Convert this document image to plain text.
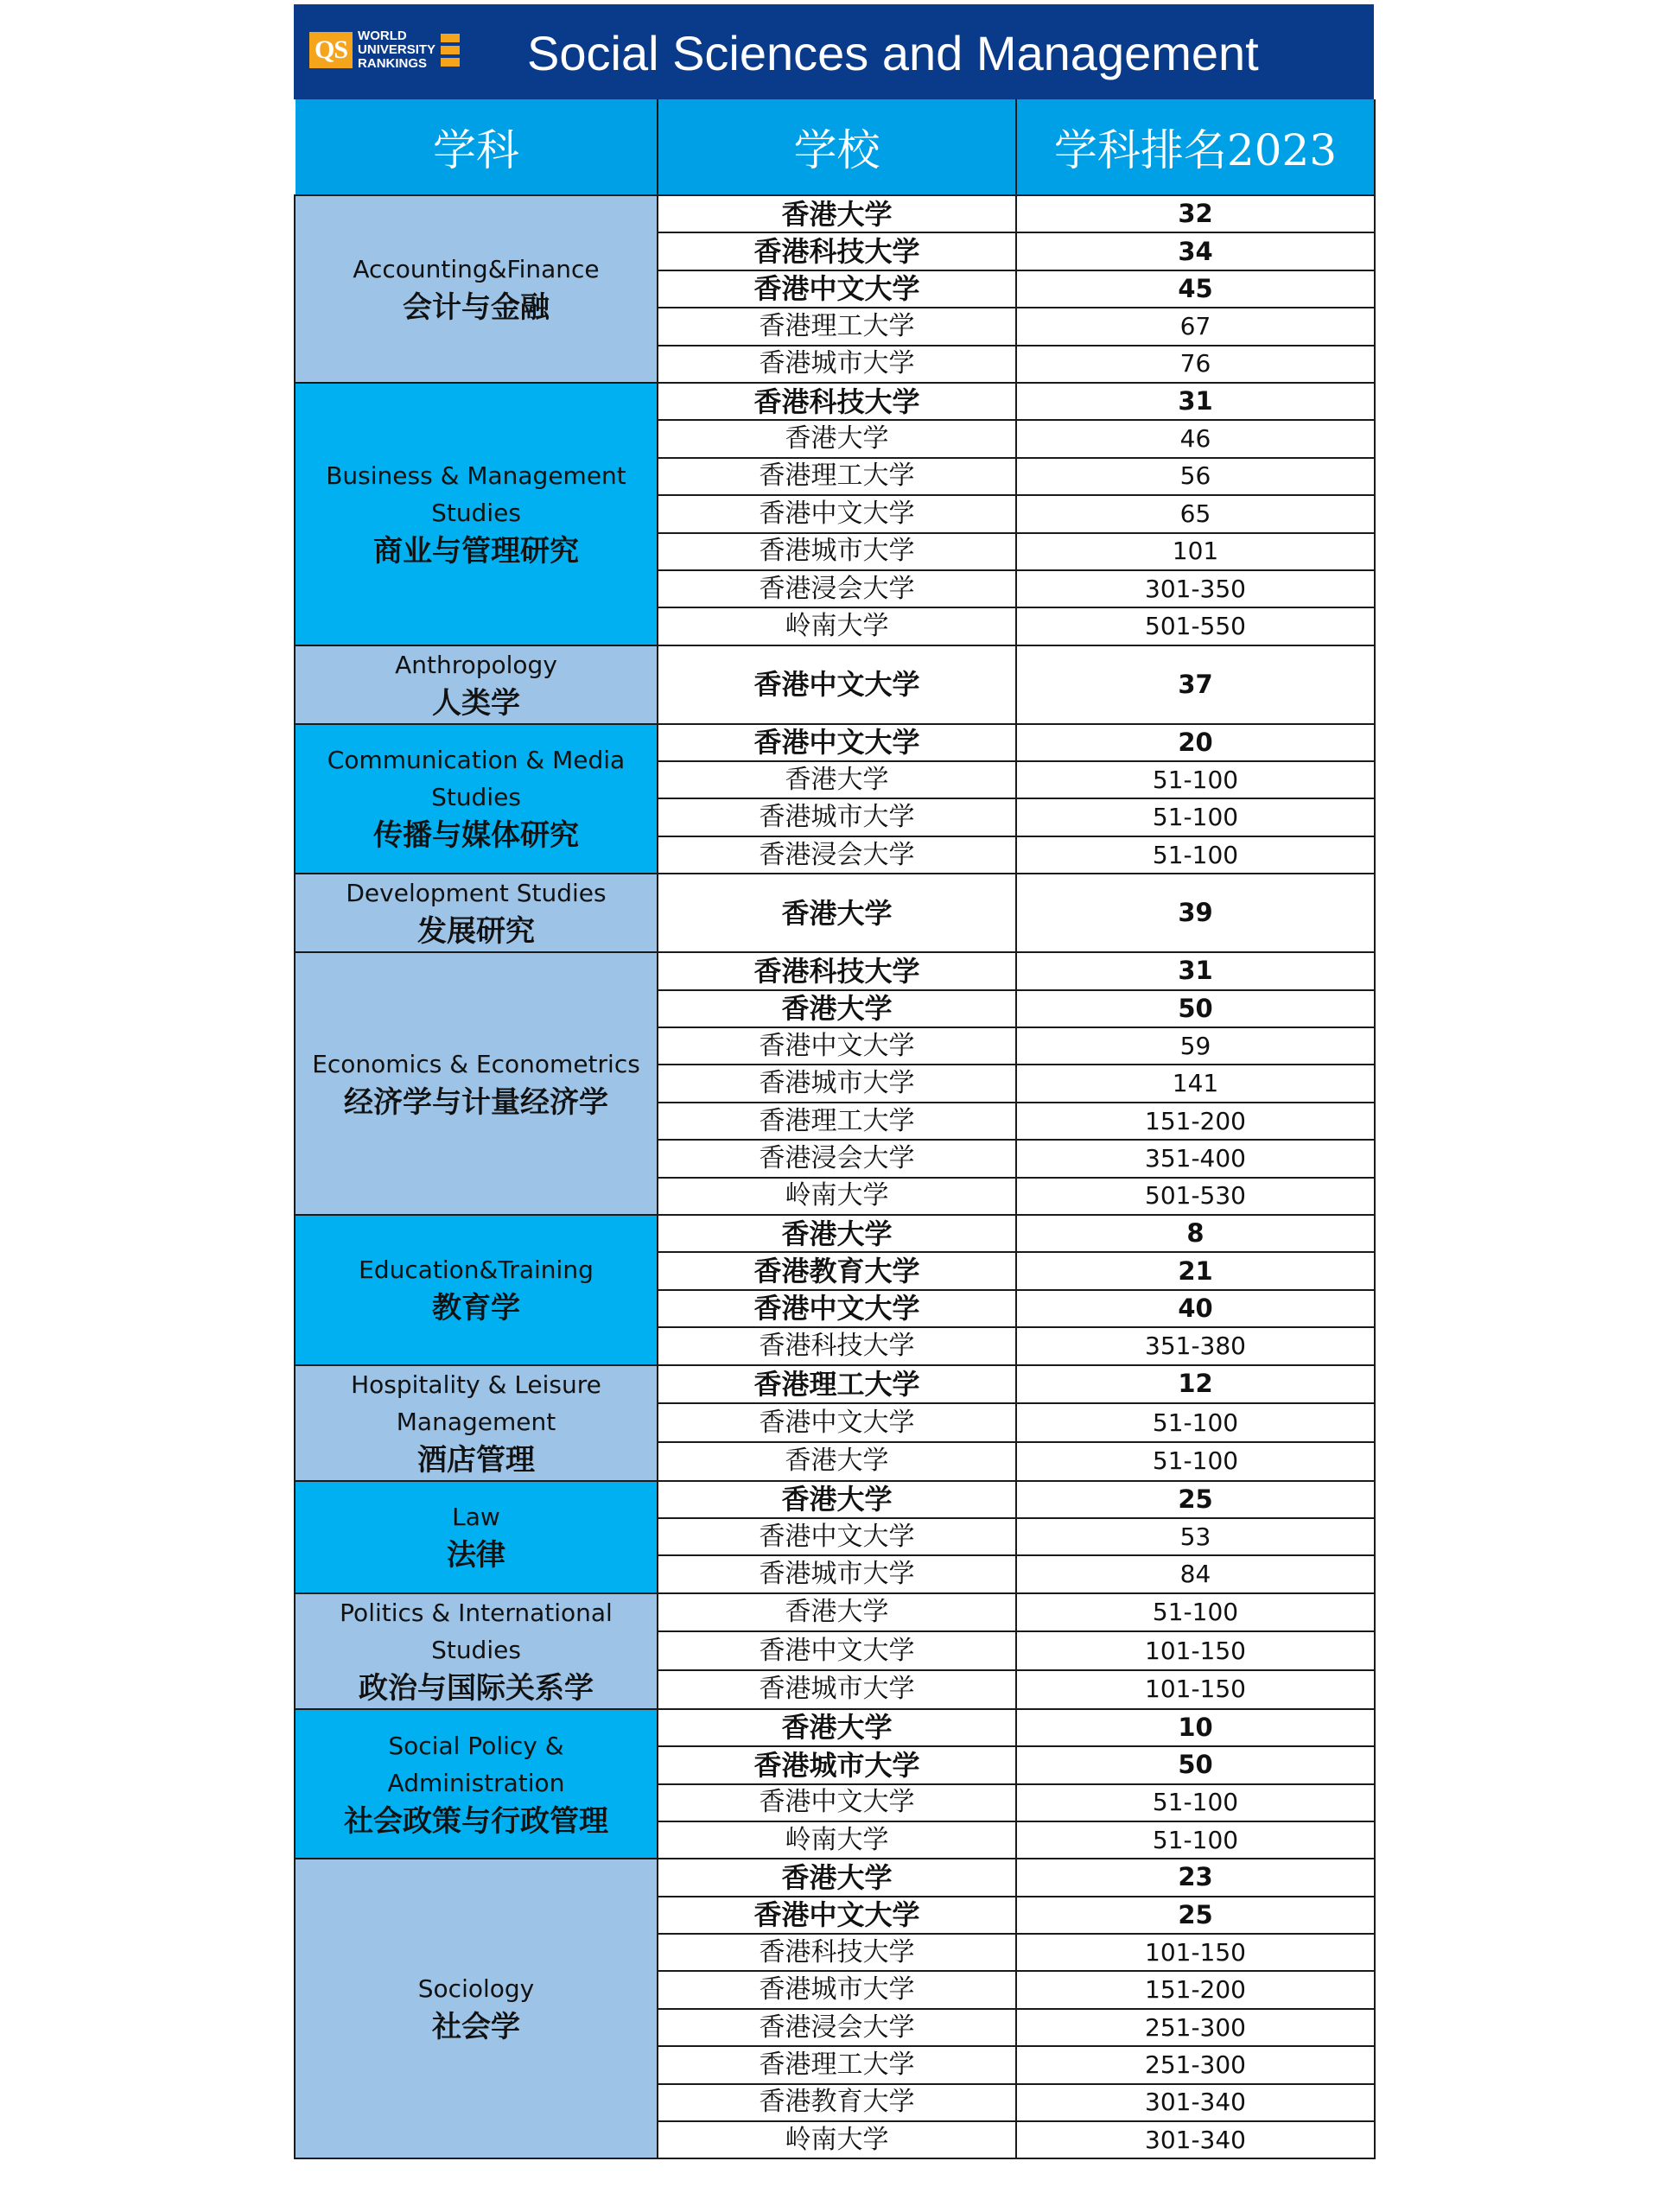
QS WORLD
UNIVERSITY
RANKINGS Social Sciences and Management
学科	学校	学科排名2023

Accounting&Finance
会计与金融	香港大学	32
	香港科技大学	34
	香港中文大学	45
	香港理工大学	67
	香港城市大学	76

Business & Management Studies
商业与管理研究	香港科技大学	31
	香港大学	46
	香港理工大学	56
	香港中文大学	65
	香港城市大学	101
	香港浸会大学	301-350
	岭南大学	501-550

Anthropology
人类学	香港中文大学	37

Communication & Media Studies
传播与媒体研究	香港中文大学	20
	香港大学	51-100
	香港城市大学	51-100
	香港浸会大学	51-100

Development Studies
发展研究	香港大学	39

Economics & Econometrics
经济学与计量经济学	香港科技大学	31
	香港大学	50
	香港中文大学	59
	香港城市大学	141
	香港理工大学	151-200
	香港浸会大学	351-400
	岭南大学	501-530

Education&Training
教育学	香港大学	8
	香港教育大学	21
	香港中文大学	40
	香港科技大学	351-380

Hospitality & Leisure Management
酒店管理	香港理工大学	12
	香港中文大学	51-100
	香港大学	51-100

Law
法律	香港大学	25
	香港中文大学	53
	香港城市大学	84

Politics & International Studies
政治与国际关系学	香港大学	51-100
	香港中文大学	101-150
	香港城市大学	101-150

Social Policy & Administration
社会政策与行政管理	香港大学	10
	香港城市大学	50
	香港中文大学	51-100
	岭南大学	51-100

Sociology
社会学	香港大学	23
	香港中文大学	25
	香港科技大学	101-150
	香港城市大学	151-200
	香港浸会大学	251-300
	香港理工大学	251-300
	香港教育大学	301-340
	岭南大学	301-340
